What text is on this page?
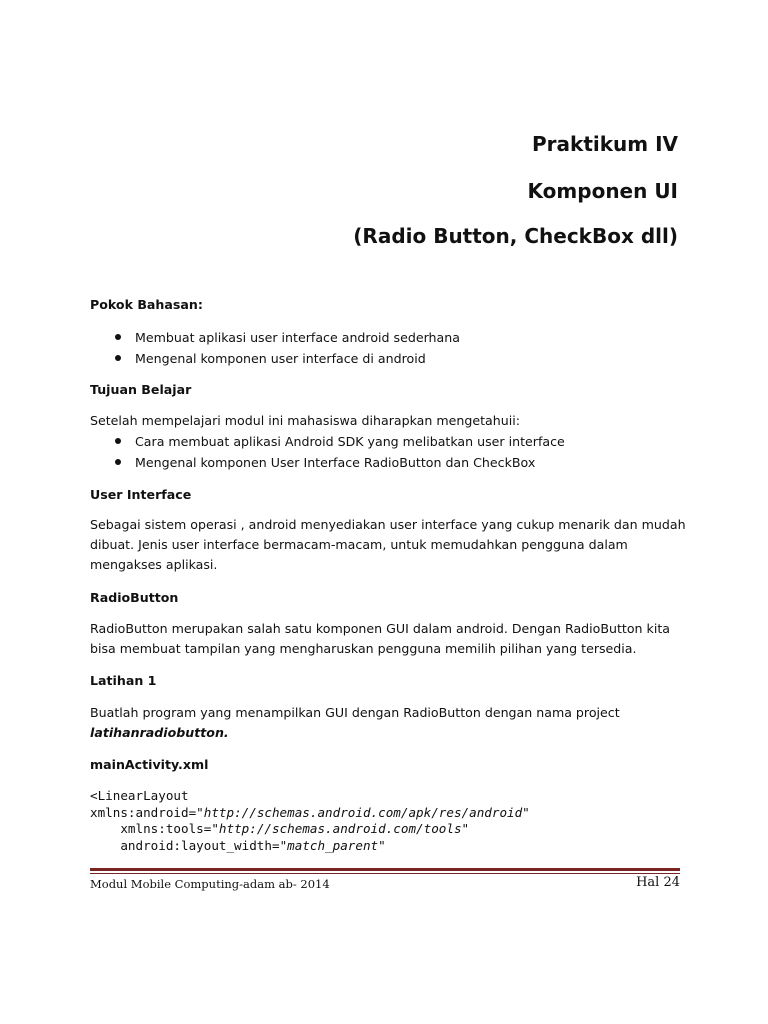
Praktikum IV
Komponen UI
(Radio Button, CheckBox dll)

Pokok Bahasan:

Membuat aplikasi user interface android sederhana
Mengenal komponen user interface di android

Tujuan Belajar

Setelah mempelajari modul ini mahasiswa diharapkan mengetahuii:

Cara membuat aplikasi Android SDK yang melibatkan user interface
Mengenal komponen User Interface RadioButton dan CheckBox

User Interface

Sebagai sistem operasi , android menyediakan user interface yang cukup menarik dan mudah
dibuat. Jenis user interface bermacam-macam, untuk memudahkan pengguna dalam
mengakses aplikasi.

RadioButton

RadioButton merupakan salah satu komponen GUI dalam android. Dengan RadioButton kita
bisa membuat tampilan yang mengharuskan pengguna memilih pilihan yang tersedia.

Latihan 1

Buatlah program yang menampilkan GUI dengan RadioButton dengan nama project
latihanradiobutton.

mainActivity.xml

<LinearLayout
xmlns:android="http://schemas.android.com/apk/res/android"
xmlns:tools="http://schemas.android.com/tools"
android:layout_width="match_parent"
Modul Mobile Computing-adam ab- 2014	Hal 24
